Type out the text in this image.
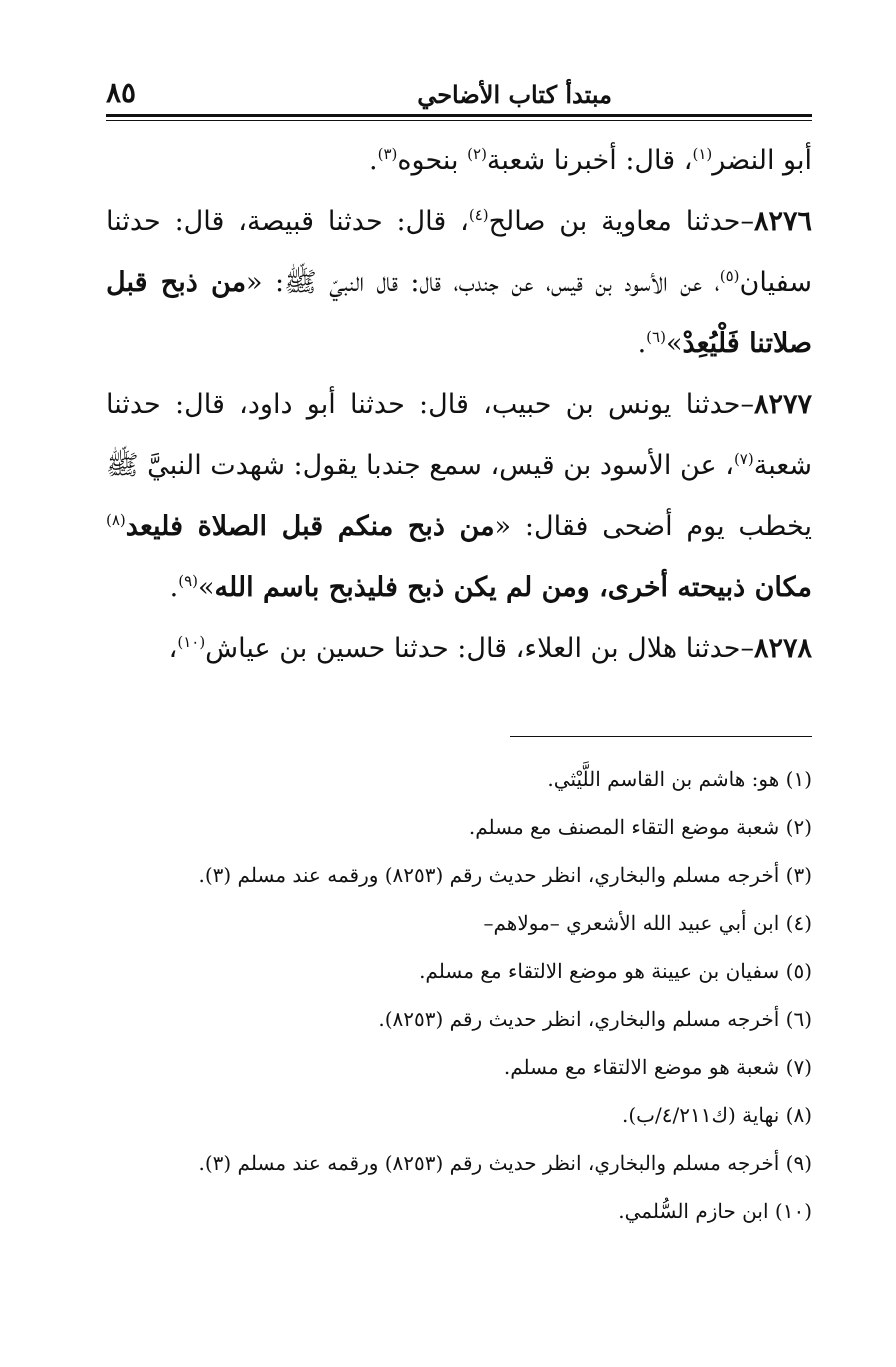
مبتدأ كتاب الأضاحي
٨٥

أبو النضر$^{(١)}$، قال: أخبرنا شعبة$^{(٢)}$ بنحوه$^{(٣)}$.

٨٢٧٦–حدثنا معاوية بن صالح$^{(٤)}$، قال: حدثنا قبيصة، قال: حدثنا سفيان$^{(٥)}$، عن الأسود بن قيس، عن جندب، قال: قال النبيّ ﷺ: «من ذبح قبل صلاتنا فَلْيُعِدْ»$^{(٦)}$.

٨٢٧٧–حدثنا يونس بن حبيب، قال: حدثنا أبو داود، قال: حدثنا شعبة$^{(٧)}$، عن الأسود بن قيس، سمع جندبا يقول: شهدت النبيَّ ﷺ يخطب يوم أضحى فقال: «من ذبح منكم قبل الصلاة فليعد$^{(٨)}$ مكان ذبيحته أخرى، ومن لم يكن ذبح فليذبح باسم الله»$^{(٩)}$.

٨٢٧٨–حدثنا هلال بن العلاء، قال: حدثنا حسين بن عياش$^{(١٠)}$،

(١) هو: هاشم بن القاسم اللَّيْثي.
(٢) شعبة موضع التقاء المصنف مع مسلم.
(٣) أخرجه مسلم والبخاري، انظر حديث رقم (٨٢٥٣) ورقمه عند مسلم (٣).
(٤) ابن أبي عبيد الله الأشعري –مولاهم–
(٥) سفيان بن عيينة هو موضع الالتقاء مع مسلم.
(٦) أخرجه مسلم والبخاري، انظر حديث رقم (٨٢٥٣).
(٧) شعبة هو موضع الالتقاء مع مسلم.
(٨) نهاية (ك٤/٢١١/ب).
(٩) أخرجه مسلم والبخاري، انظر حديث رقم (٨٢٥٣) ورقمه عند مسلم (٣).
(١٠) ابن حازم السُّلمي.
